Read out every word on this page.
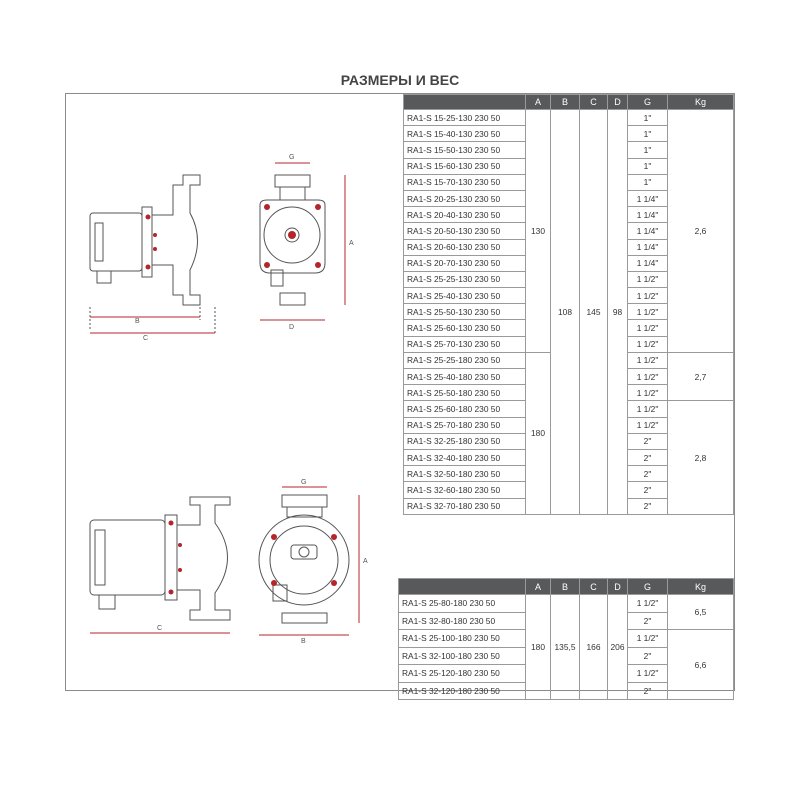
РАЗМЕРЫ И ВЕС
B
C
G
A
D
C
G
A
B
	A	B	C	D	G	Kg
RA1-S 15-25-130 230 50	130	108	145	98	1"	2,6
RA1-S 15-40-130 230 50					1"	
RA1-S 15-50-130 230 50					1"	
RA1-S 15-60-130 230 50					1"	
RA1-S 15-70-130 230 50					1"	
RA1-S 20-25-130 230 50					1 1/4"	
RA1-S 20-40-130 230 50					1 1/4"	
RA1-S 20-50-130 230 50					1 1/4"	
RA1-S 20-60-130 230 50					1 1/4"	
RA1-S 20-70-130 230 50					1 1/4"	
RA1-S 25-25-130 230 50					1 1/2"	
RA1-S 25-40-130 230 50					1 1/2"	
RA1-S 25-50-130 230 50					1 1/2"	
RA1-S 25-60-130 230 50					1 1/2"	
RA1-S 25-70-130 230 50					1 1/2"	
RA1-S 25-25-180 230 50	180				1 1/2"	2,7
RA1-S 25-40-180 230 50					1 1/2"	
RA1-S 25-50-180 230 50					1 1/2"	
RA1-S 25-60-180 230 50					1 1/2"	2,8
RA1-S 25-70-180 230 50					1 1/2"	
RA1-S 32-25-180 230 50					2"	
RA1-S 32-40-180 230 50					2"	
RA1-S 32-50-180 230 50					2"	
RA1-S 32-60-180 230 50					2"	
RA1-S 32-70-180 230 50					2"	
	A	B	C	D	G	Kg
RA1-S 25-80-180 230 50	180	135,5	166	206	1 1/2"	6,5
RA1-S 32-80-180 230 50					2"	
RA1-S 25-100-180 230 50					1 1/2"	6,6
RA1-S 32-100-180 230 50					2"	
RA1-S 25-120-180 230 50					1 1/2"	
RA1-S 32-120-180 230 50					2"	
